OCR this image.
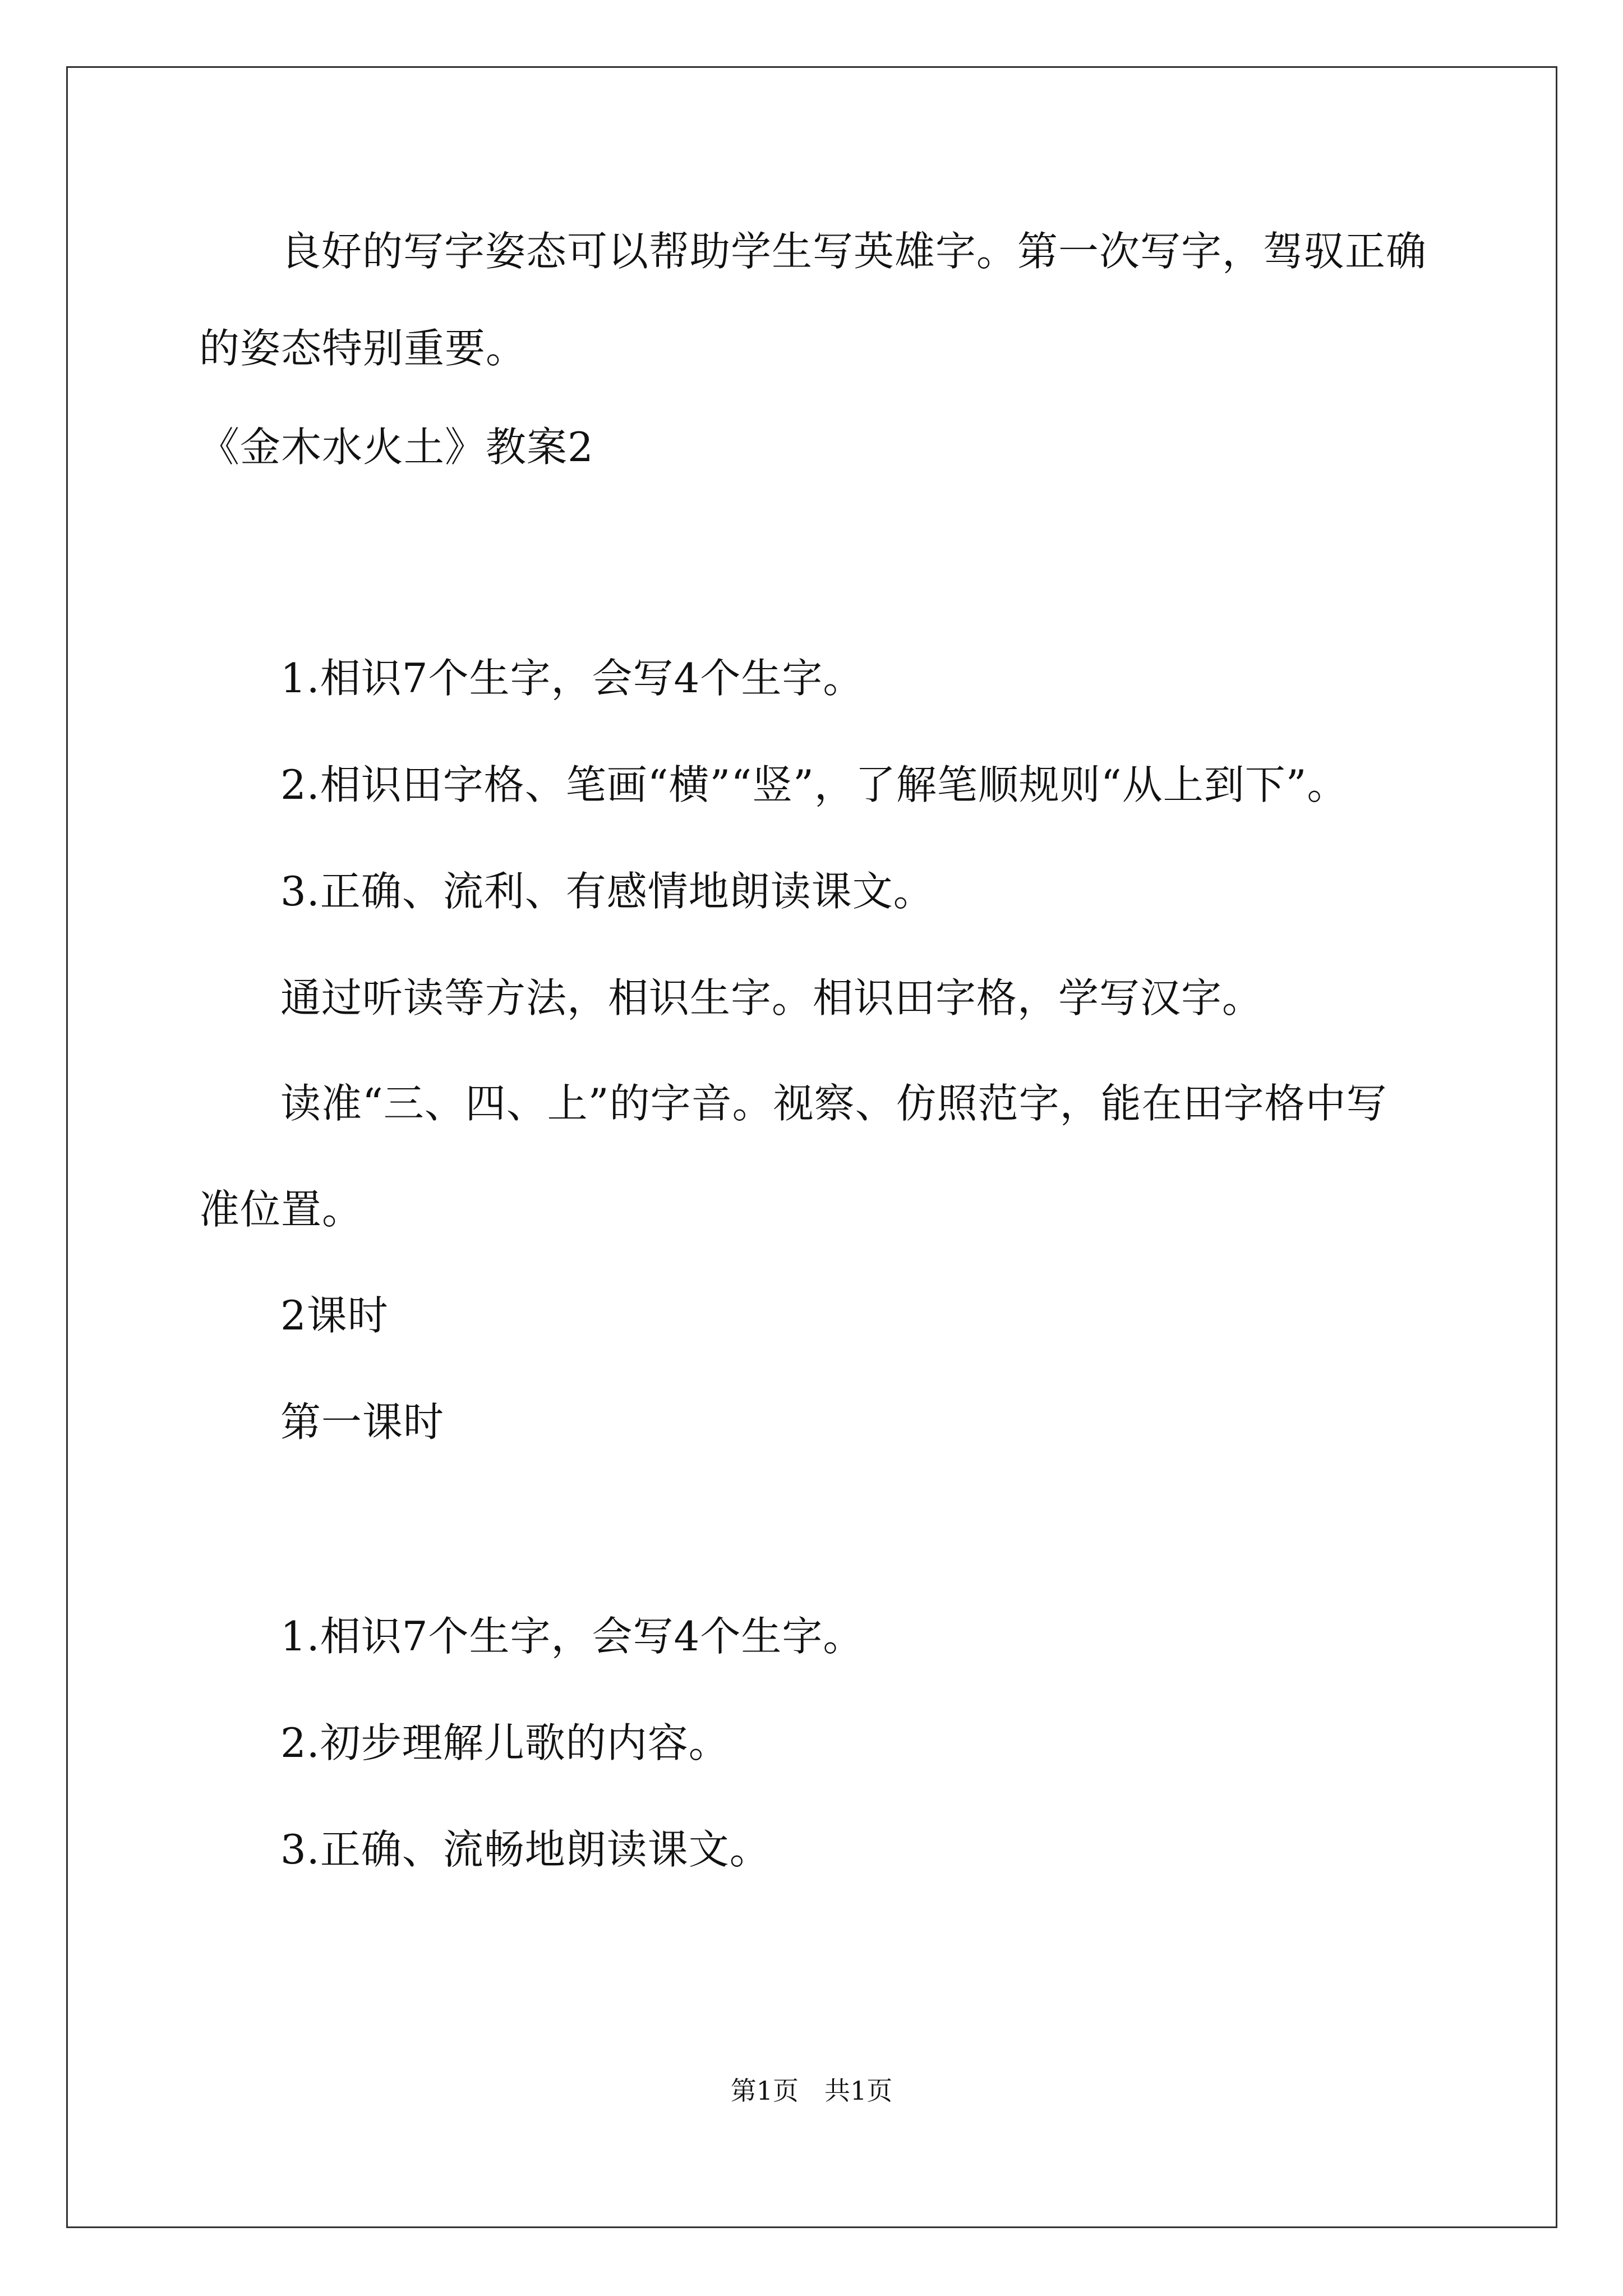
良好的写字姿态可以帮助学生写英雄字。第一次写字，驾驭正确
的姿态特别重要。
《金木水火土》教案2
1.相识7个生字，会写4个生字。
2.相识田字格、笔画“横”“竖”，了解笔顺规则“从上到下”。
3.正确、流利、有感情地朗读课文。
通过听读等方法，相识生字。相识田字格，学写汉字。
读准“三、四、上”的字音。视察、仿照范字，能在田字格中写
准位置。
2课时
第一课时
1.相识7个生字，会写4个生字。
2.初步理解儿歌的内容。
3.正确、流畅地朗读课文。
第1页　共1页
